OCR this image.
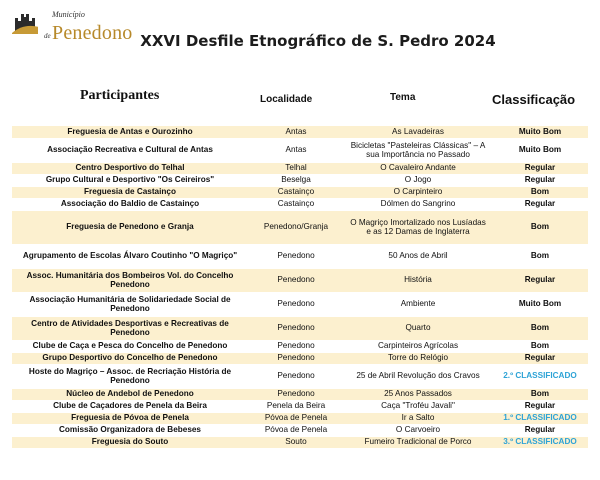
Município
de Penedono XXVI Desfile Etnográfico de S. Pedro 2024
Participantes	Localidade	Tema	Classificação
Freguesia de Antas e Ourozinho	Antas	As Lavadeiras	Muito Bom
Associação Recreativa e Cultural de Antas	Antas	Bicicletas "Pasteleiras Clássicas" – A sua Importância no Passado	Muito Bom
Centro Desportivo do Telhal	Telhal	O Cavaleiro Andante	Regular
Grupo Cultural e Desportivo "Os Ceireiros"	Beselga	O Jogo	Regular
Freguesia de Castainço	Castainço	O Carpinteiro	Bom
Associação do Baldio de Castainço	Castainço	Dólmen do Sangrino	Regular
Freguesia de Penedono e Granja	Penedono/Granja	O Magriço Imortalizado nos Lusíadas e as 12 Damas de Inglaterra	Bom
Agrupamento de Escolas Álvaro Coutinho "O Magriço"	Penedono	50 Anos de Abril	Bom
Assoc. Humanitária dos Bombeiros Vol. do Concelho Penedono	Penedono	História	Regular
Associação Humanitária de Solidariedade Social de Penedono	Penedono	Ambiente	Muito Bom
Centro de Atividades Desportivas e Recreativas de Penedono	Penedono	Quarto	Bom
Clube de Caça e Pesca do Concelho de Penedono	Penedono	Carpinteiros Agrícolas	Bom
Grupo Desportivo do Concelho de Penedono	Penedono	Torre do Relógio	Regular
Hoste do Magriço – Assoc. de Recriação História de Penedono	Penedono	25 de Abril Revolução dos Cravos	2.º CLASSIFICADO
Núcleo de Andebol de Penedono	Penedono	25 Anos Passados	Bom
Clube de Caçadores de Penela da Beira	Penela da Beira	Caça "Troféu Javali"	Regular
Freguesia de Póvoa de Penela	Póvoa de Penela	Ir a Salto	1.º CLASSIFICADO
Comissão Organizadora de Bebeses	Póvoa de Penela	O Carvoeiro	Regular
Freguesia do Souto	Souto	Fumeiro Tradicional de Porco	3.º CLASSIFICADO
